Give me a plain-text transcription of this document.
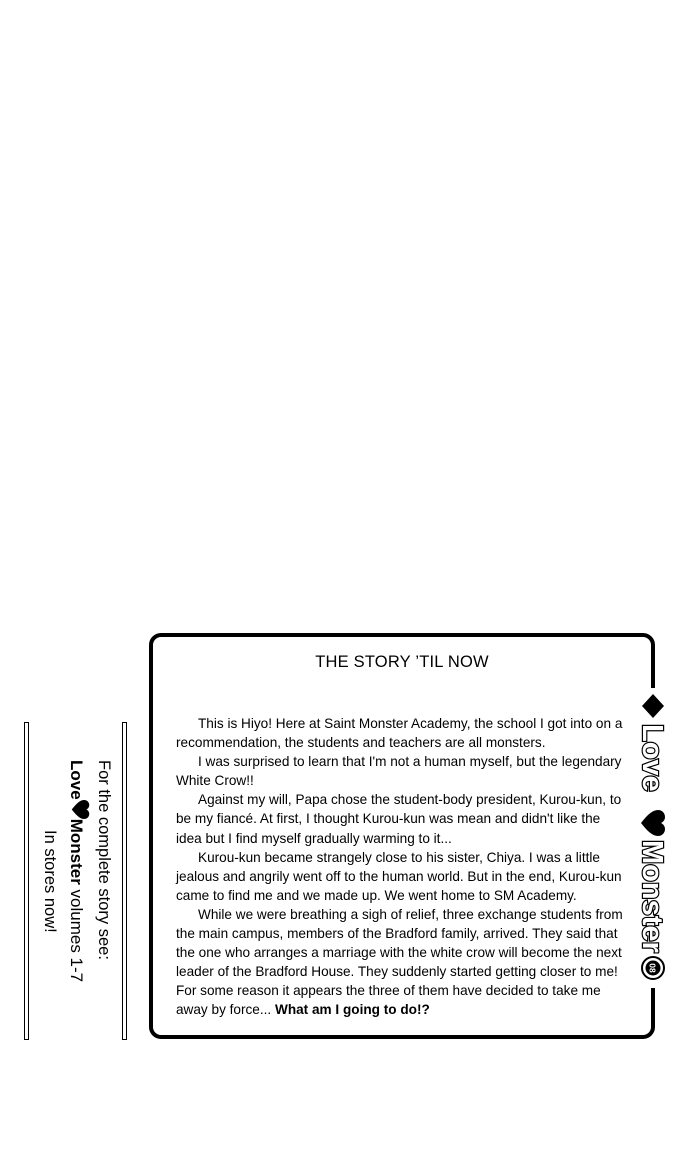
THE STORY ’TIL NOW

This is Hiyo! Here at Saint Monster Academy, the school I got into on a recommendation, the students and teachers are all monsters.

I was surprised to learn that I'm not a human myself, but the legendary White Crow!!

Against my will, Papa chose the student-body president, Kurou-kun, to be my fiancé. At first, I thought Kurou-kun was mean and didn't like the idea but I find myself gradually warming to it...

Kurou-kun became strangely close to his sister, Chiya. I was a little jealous and angrily went off to the human world. But in the end, Kurou-kun came to find me and we made up. We went home to SM Academy.

While we were breathing a sigh of relief, three exchange students from the main campus, members of the Bradford family, arrived. They said that the one who arranges a marriage with the white crow will become the next leader of the Bradford House. They suddenly started getting closer to me! For some reason it appears the three of them have decided to take me away by force... What am I going to do!?

Love
Monster
08
For the complete story see:
LoveMonster volumes 1-7
In stores now!
